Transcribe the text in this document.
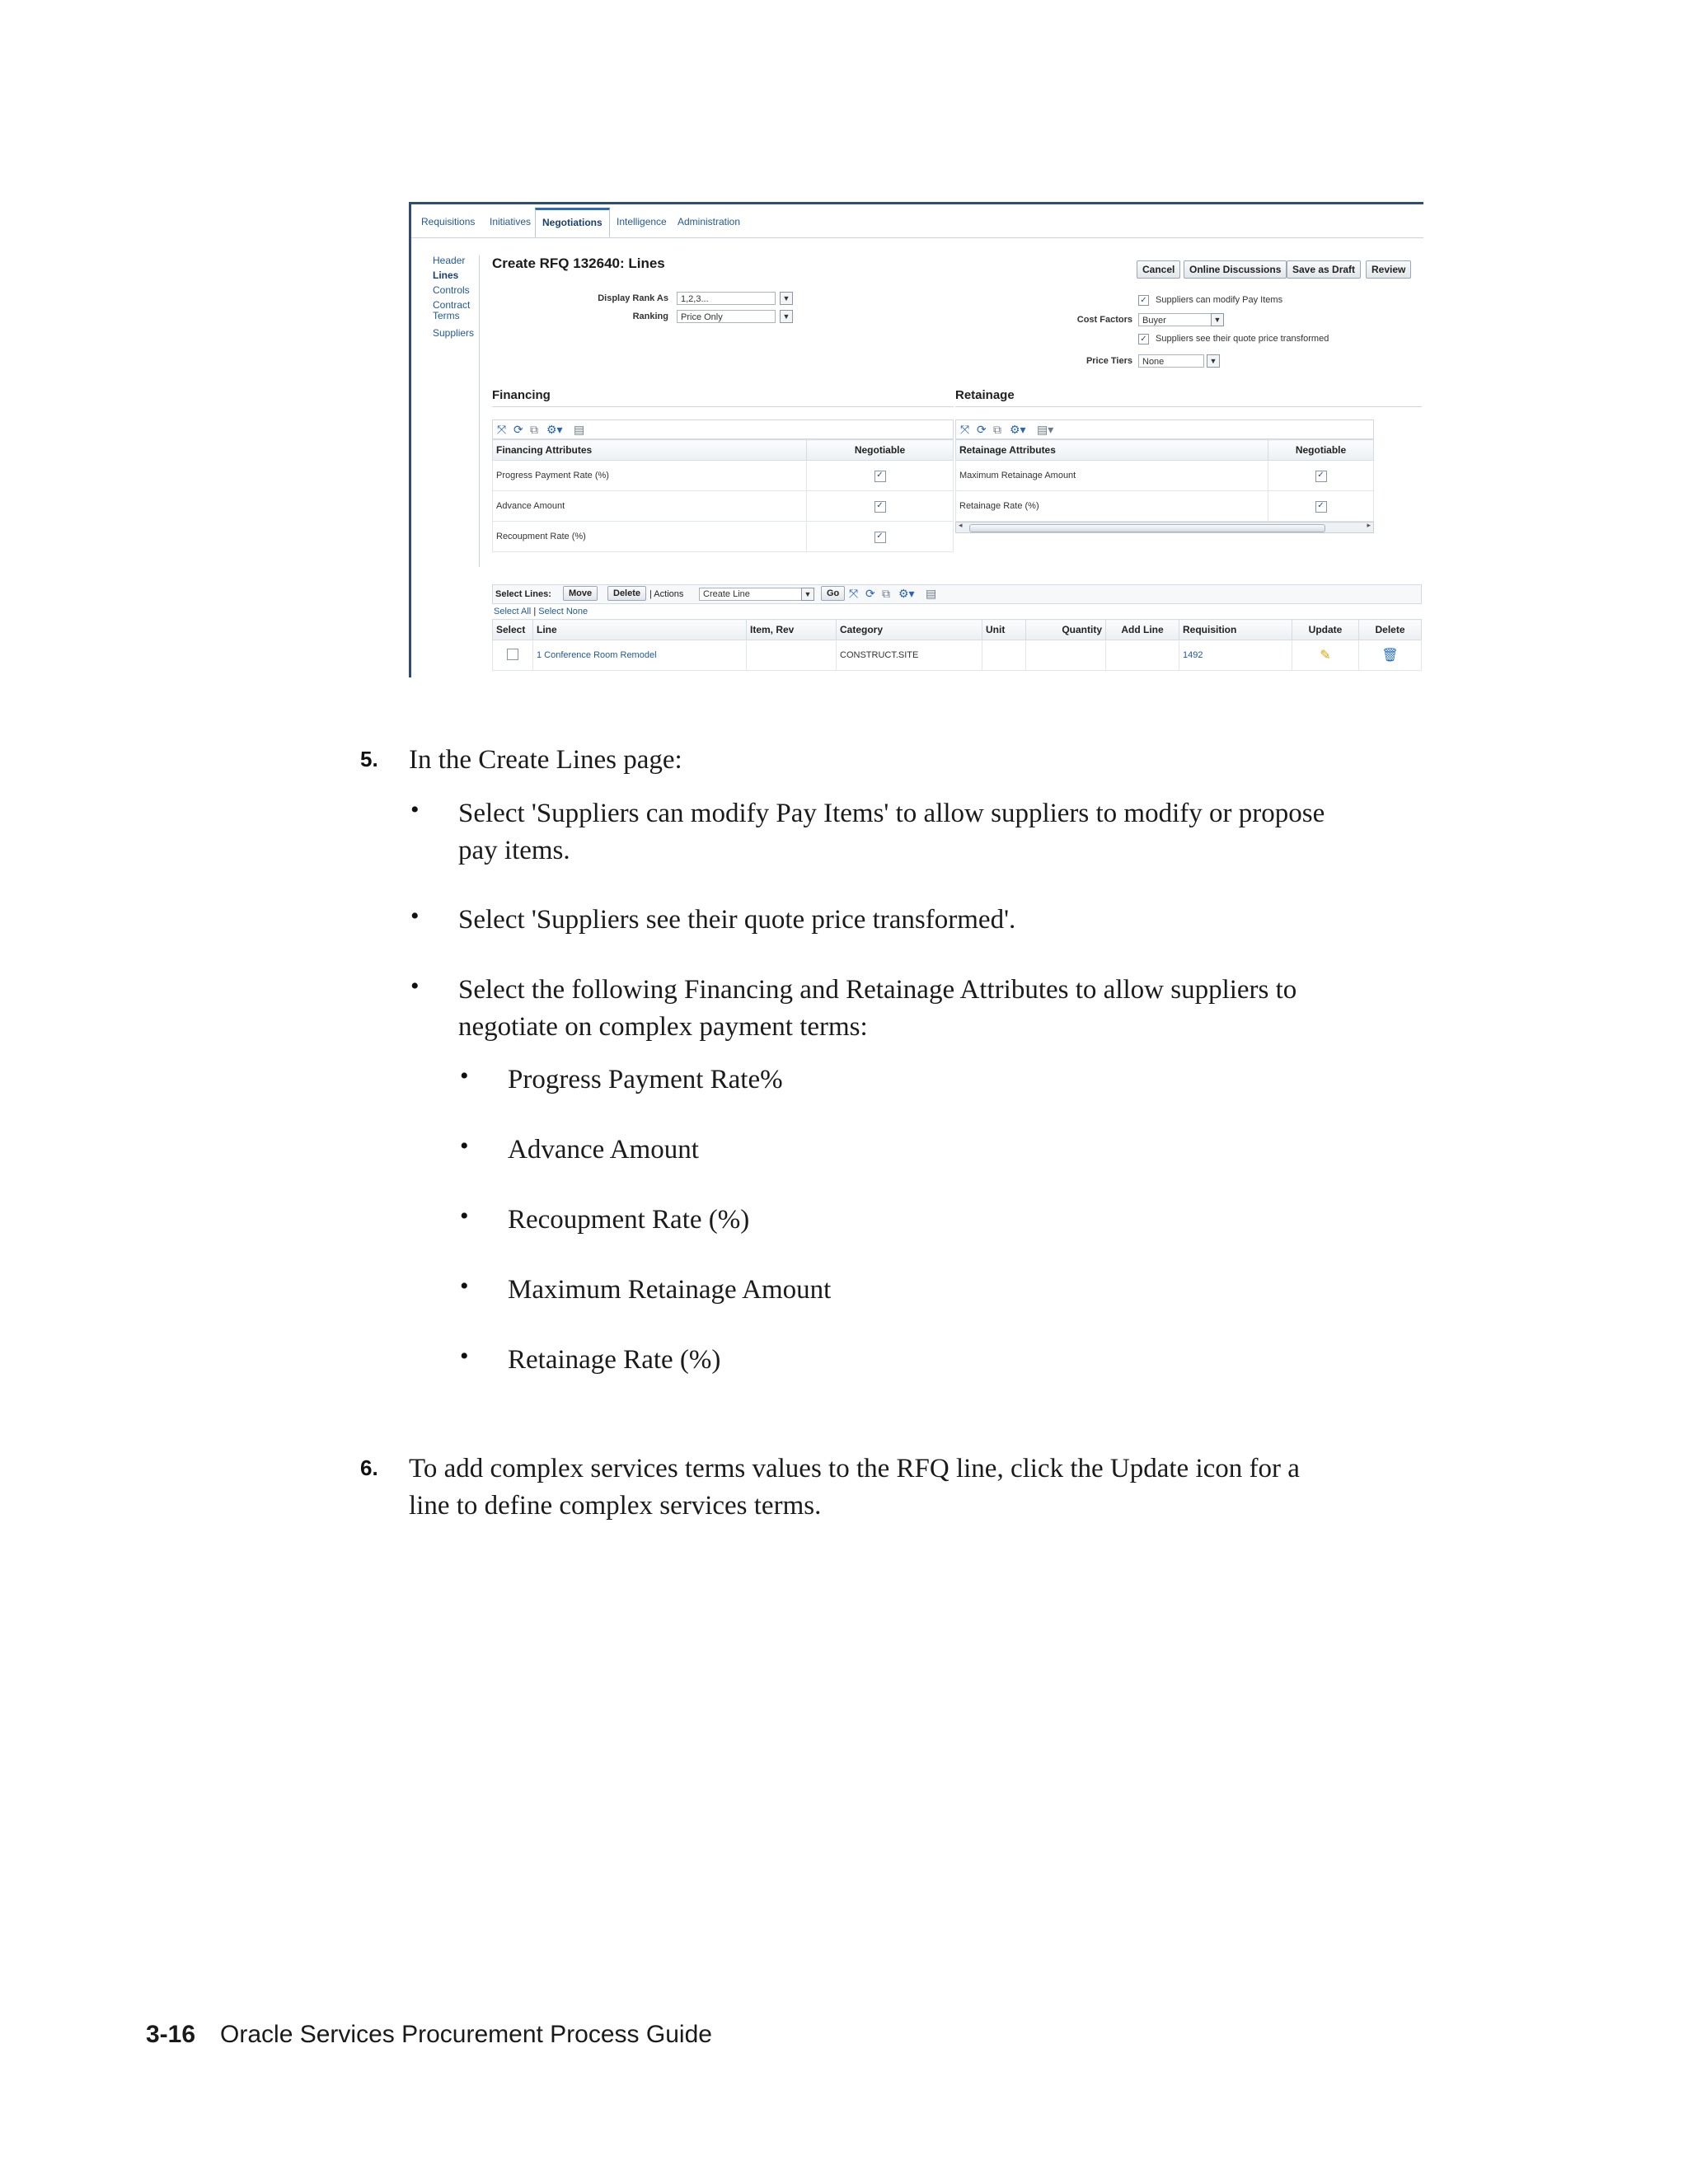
Requisitions Initiatives	Negotiations	Intelligence Administration
Header
Lines
Controls
Contract Terms
Suppliers
Create RFQ 132640: Lines	Cancel	Online Discussions	Save as Draft	Review
Display Rank As	1,2,3...	▼
Ranking	Price Only	▼
✓ Suppliers can modify Pay Items
Cost Factors	Buyer	▼
✓ Suppliers see their quote price transformed
Price Tiers	None	▼
Financing
⤧ ⟳ ⧉ ⚙▾ ▤
Financing Attributes	Negotiable
Progress Payment Rate (%)	✓
Advance Amount	✓
Recoupment Rate (%)	✓
Retainage
⤧ ⟳ ⧉ ⚙▾ ▤▾
Retainage Attributes	Negotiable
Maximum Retainage Amount	✓
Retainage Rate (%)	✓
◂	▸
Select Lines:	Move	Delete | Actions	Create Line	▼	Go ⤧ ⟳ ⧉ ⚙▾ ▤
Select All | Select None
Select	Line	Item, Rev	Category	Unit	Quantity	Add Line	Requisition	Update	Delete
	1 Conference Room Remodel		CONSTRUCT.SITE				1492	✎	🗑
5. In the Create Lines page:
• Select 'Suppliers can modify Pay Items' to allow suppliers to modify or propose
pay items.
• Select 'Suppliers see their quote price transformed'.
• Select the following Financing and Retainage Attributes to allow suppliers to
negotiate on complex payment terms:
• Progress Payment Rate%
• Advance Amount
• Recoupment Rate (%)
• Maximum Retainage Amount
• Retainage Rate (%)
6. To add complex services terms values to the RFQ line, click the Update icon for a
line to define complex services terms.
3-16 Oracle Services Procurement Process Guide
